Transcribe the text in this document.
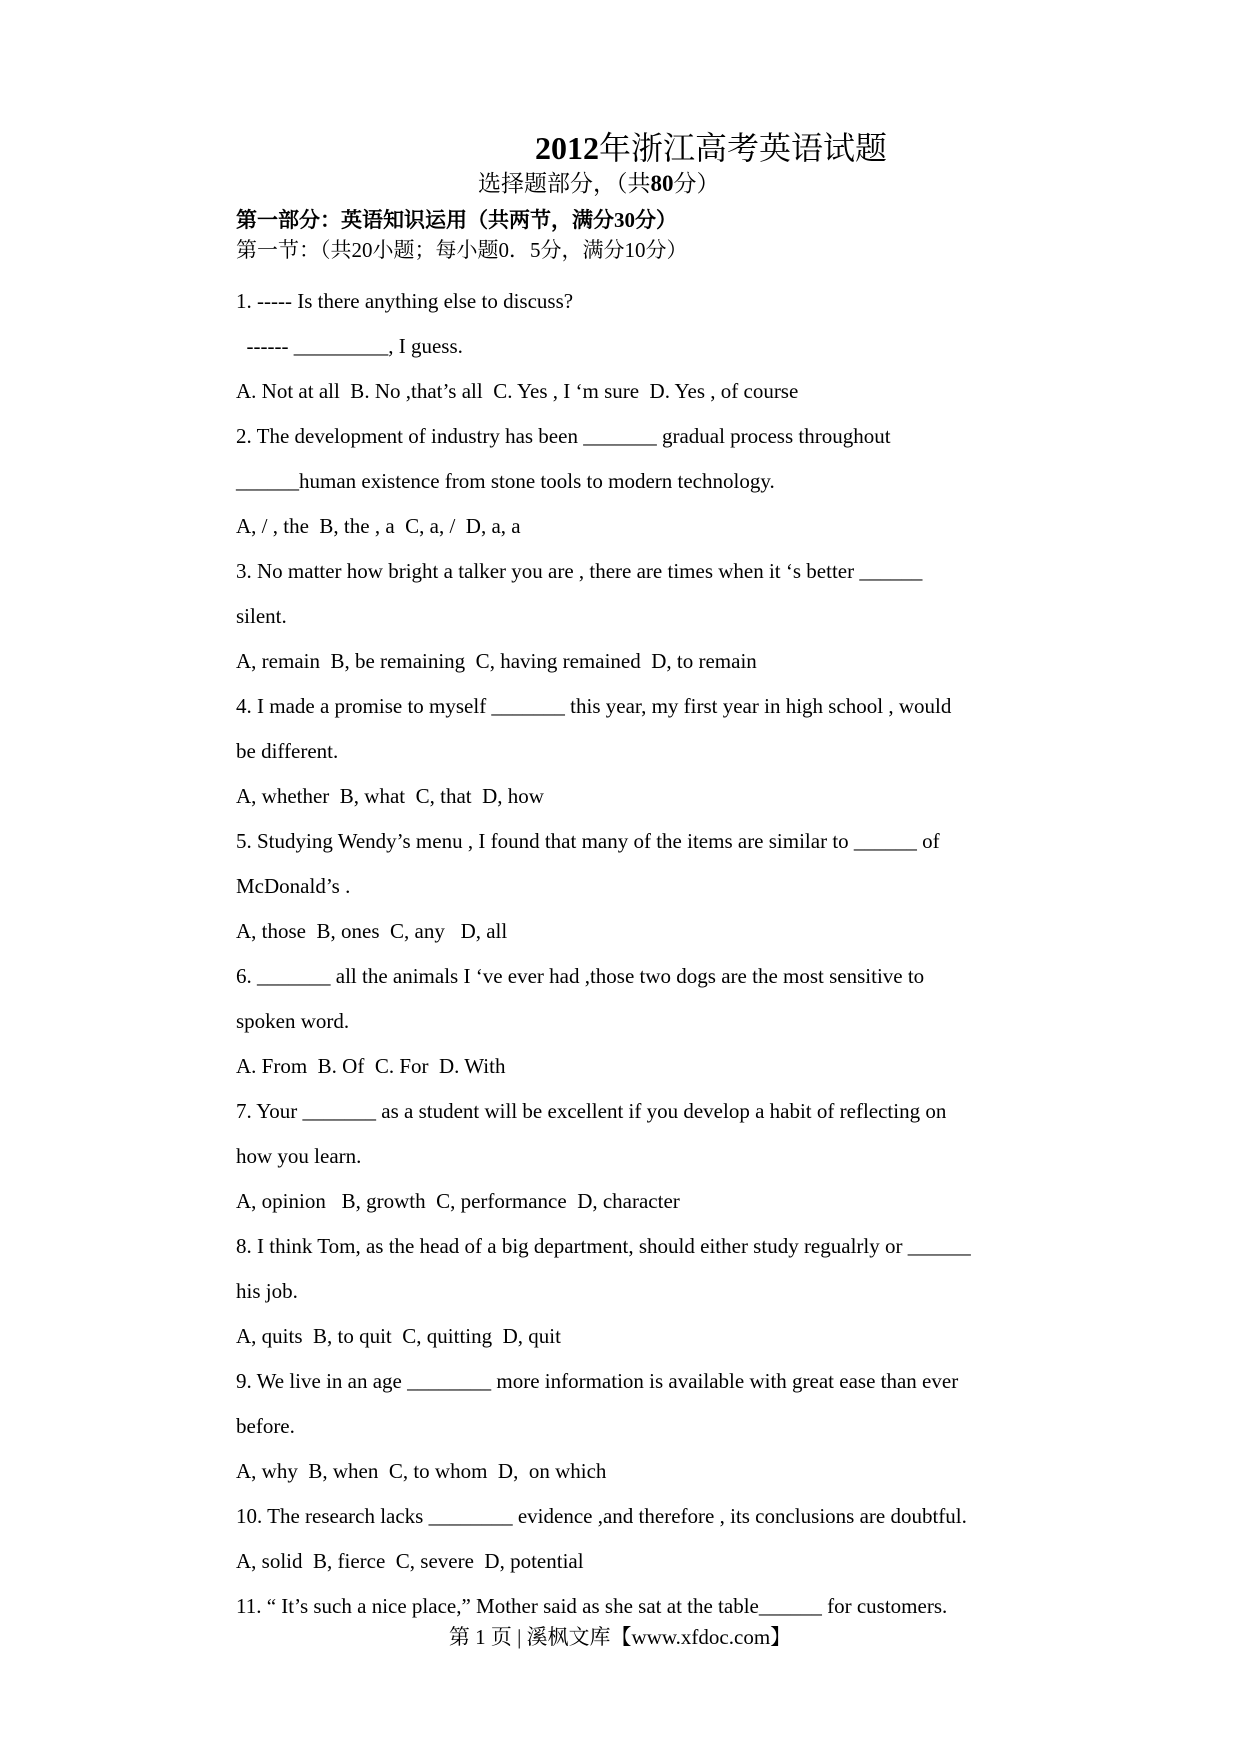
2012年浙江高考英语试题
选择题部分，（共80分）
第一部分：英语知识运用（共两节，满分30分）
第一节：（共20小题；每小题0．5分，满分10分）
1. ----- Is there anything else to discuss?
------ _________, I guess.
A. Not at all  B. No ,that’s all  C. Yes , I ‘m sure  D. Yes , of course
2. The development of industry has been _______ gradual process throughout
______human existence from stone tools to modern technology.
A, / , the  B, the , a  C, a, /  D, a, a
3. No matter how bright a talker you are , there are times when it ‘s better ______
silent.
A, remain  B, be remaining  C, having remained  D, to remain
4. I made a promise to myself _______ this year, my first year in high school , would
be different.
A, whether  B, what  C, that  D, how
5. Studying Wendy’s menu , I found that many of the items are similar to ______ of
McDonald’s .
A, those  B, ones  C, any   D, all
6. _______ all the animals I ‘ve ever had ,those two dogs are the most sensitive to
spoken word.
A. From  B. Of  C. For  D. With
7. Your _______ as a student will be excellent if you develop a habit of reflecting on
how you learn.
A, opinion   B, growth  C, performance  D, character
8. I think Tom, as the head of a big department, should either study regualrly or ______
his job.
A, quits  B, to quit  C, quitting  D, quit
9. We live in an age ________ more information is available with great ease than ever
before.
A, why  B, when  C, to whom  D,  on which
10. The research lacks ________ evidence ,and therefore , its conclusions are doubtful.
A, solid  B, fierce  C, severe  D, potential
11. “ It’s such a nice place,” Mother said as she sat at the table______ for customers.
第 1 页 | 溪枫文库【www.xfdoc.com】
